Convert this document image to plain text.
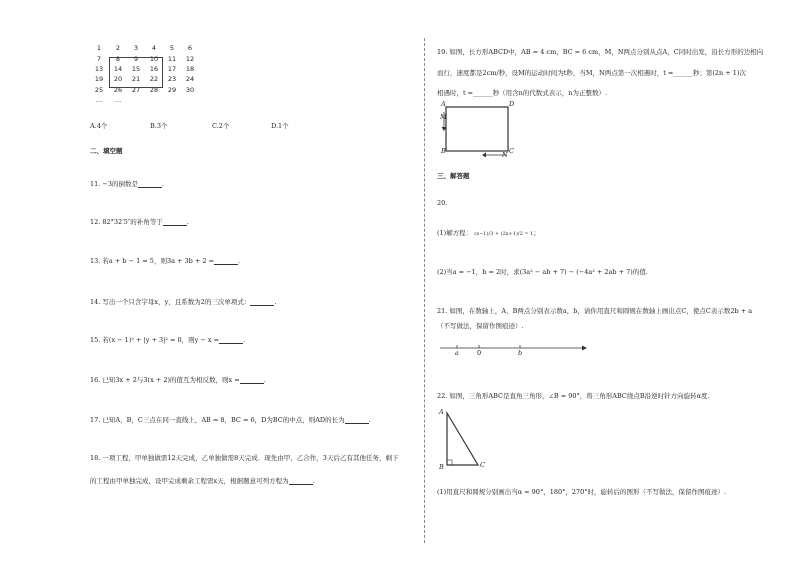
1	2	3	4	5	6
7	8	9	10	11	12
13	14	15	16	17	18
19	20	21	22	23	24
25	26	27	28	29	30
…	…
A.4个	B.3个	C.2个	D.1个
二、填空题
11. −3的倒数是	.
12. 82°32′5″的补角等于	.
13. 若a + b − 1 = 5，则3a + 3b + 2 =	.
14. 写出一个只含字母x，y，且系数为2的三次单项式：	.
15. 若(x − 1)² + |y + 3|² = 0，则y − x =	.
16. 已知3x + 2与3(x + 2)的值互为相反数，则x =	.
17. 已知A，B，C三点在同一直线上，AB = 8，BC = 6，D为BC的中点，则AD的长为	.
18. 一项工程，甲单独做需12天完成，乙单独做需8天完成．现先由甲、乙合作，3天后乙有其他任务，剩下
的工程由甲单独完成，设甲完成剩余工程需x天，根据题意可列方程为	.
19. 如图，长方形ABCD中，AB = 4 cm，BC = 6 cm，M，N两点分别从点A，C同时出发，沿长方形的边相向
而行，速度都是2cm/秒，设M的运动时间为t秒，当M，N两点第一次相遇时，t =______秒；第(2n + 1)次
相遇时，t =______秒（用含n的代数式表示，n为正整数）.
A	D
M
B	C
N
三、解答题
20.
(1)解方程： (x−1)/3 + (2x+1)/2 = 1；
(2)当a = −1，b = 2时，求(3a² − ab + 7) − (−4a² + 2ab + 7)的值.
21. 如图，在数轴上，A，B两点分别表示数a，b，请你用直尺和圆规在数轴上画出点C，使点C表示数2b + a
（不写做法，保留作图痕迹）.
a	0	b
22. 如图，三角形ABC是直角三角形，∠B = 90°，将三角形ABC绕点B沿逆时针方向旋转α度.
A
B	C
(1)用直尺和圆规分别画出当α = 90°，180°，270°时，旋转后的图形（不写做法，保留作图痕迹）.
